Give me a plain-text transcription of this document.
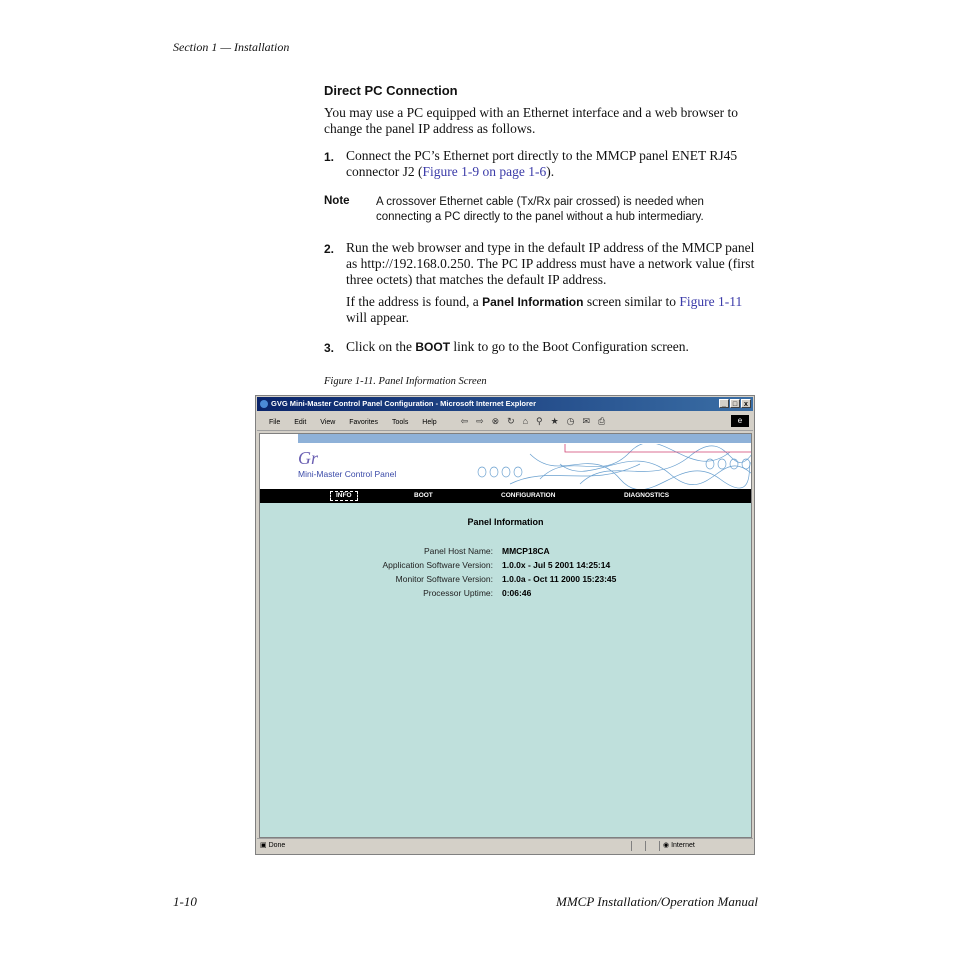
Section 1 — Installation
Direct PC Connection
You may use a PC equipped with an Ethernet interface and a web browser to change the panel IP address as follows.
1. Connect the PC’s Ethernet port directly to the MMCP panel ENET RJ45 connector J2 (Figure 1-9 on page 1-6).
Note A crossover Ethernet cable (Tx/Rx pair crossed) is needed when connecting a PC directly to the panel without a hub intermediary.
2. Run the web browser and type in the default IP address of the MMCP panel as http://192.168.0.250. The PC IP address must have a network value (first three octets) that matches the default IP address.
If the address is found, a Panel Information screen similar to Figure 1-11 will appear.
3. Click on the BOOT link to go to the Boot Configuration screen.
Figure 1-11. Panel Information Screen
GVG Mini-Master Control Panel Configuration - Microsoft Internet Explorer	_ □ x
File Edit View Favorites Tools Help	⇦ ⇨ ⊗ ↻ ⌂ ⚲ ★ ◷ ✉ ⎙	e
Gr
Mini-Master Control Panel
INFO	BOOT	CONFIGURATION	DIAGNOSTICS
Panel Information
Panel Host Name: MMCP18CA
Application Software Version: 1.0.0x - Jul 5 2001 14:25:14
Monitor Software Version: 1.0.0a - Oct 11 2000 15:23:45
Processor Uptime: 0:06:46
▣ Done	◉ Internet
1-10	MMCP Installation/Operation Manual
